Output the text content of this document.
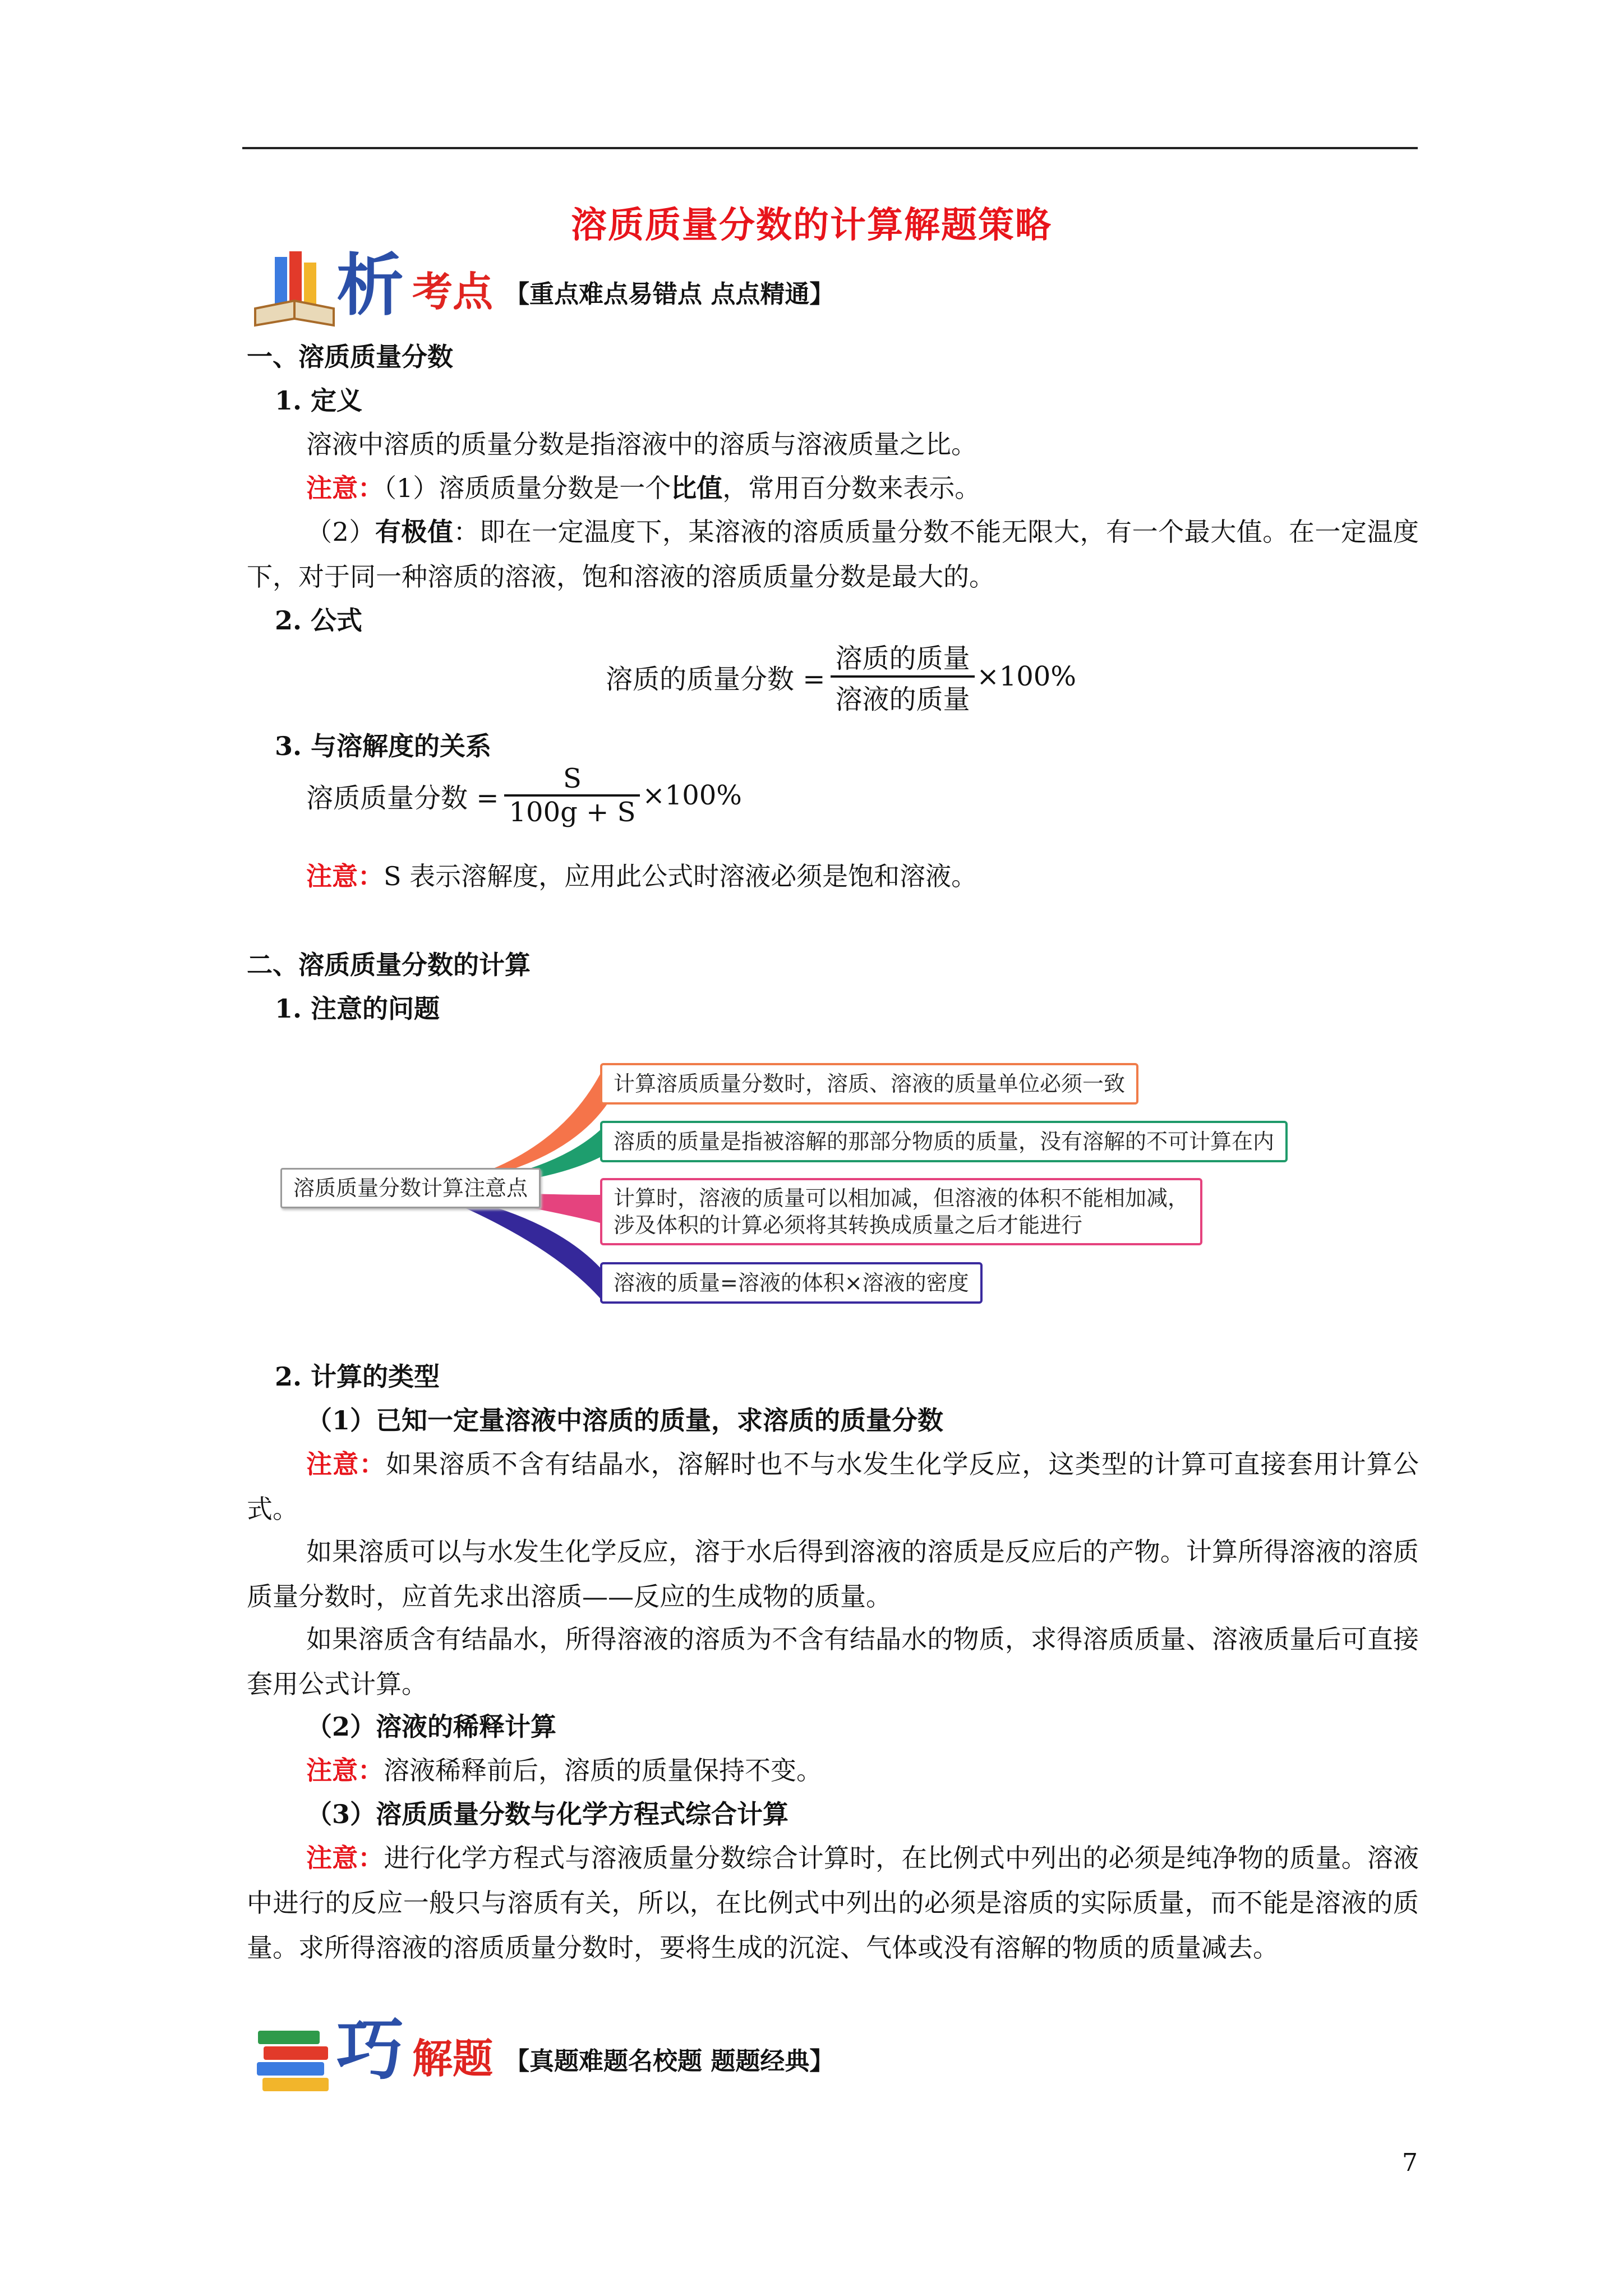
溶质质量分数的计算解题策略
析 考点 【重点难点易错点 点点精通】
一、溶质质量分数
1. 定义
溶液中溶质的质量分数是指溶液中的溶质与溶液质量之比。
注意：（1）溶质质量分数是一个比值，常用百分数来表示。
（2）有极值：即在一定温度下，某溶液的溶质质量分数不能无限大，有一个最大值。在一定温度下，对于同一种溶质的溶液，饱和溶液的溶质质量分数是最大的。
2. 公式
溶质的质量分数 = $\frac{\text{溶质的质量}}{\text{溶液的质量}} \times 100\%$
3. 与溶解度的关系
溶质质量分数 = $\frac{S}{100g + S} \times 100\%$
注意：S 表示溶解度，应用此公式时溶液必须是饱和溶液。
二、溶质质量分数的计算
1. 注意的问题
溶质质量分数计算注意点
计算溶质质量分数时，溶质、溶液的质量单位必须一致
溶质的质量是指被溶解的那部分物质的质量，没有溶解的不可计算在内
计算时，溶液的质量可以相加减，但溶液的体积不能相加减，
涉及体积的计算必须将其转换成质量之后才能进行
溶液的质量=溶液的体积×溶液的密度
2. 计算的类型
（1）已知一定量溶液中溶质的质量，求溶质的质量分数
注意：如果溶质不含有结晶水，溶解时也不与水发生化学反应，这类型的计算可直接套用计算公式。
如果溶质可以与水发生化学反应，溶于水后得到溶液的溶质是反应后的产物。计算所得溶液的溶质质量分数时，应首先求出溶质——反应的生成物的质量。
如果溶质含有结晶水，所得溶液的溶质为不含有结晶水的物质，求得溶质质量、溶液质量后可直接套用公式计算。
（2）溶液的稀释计算
注意：溶液稀释前后，溶质的质量保持不变。
（3）溶质质量分数与化学方程式综合计算
注意：进行化学方程式与溶液质量分数综合计算时，在比例式中列出的必须是纯净物的质量。溶液中进行的反应一般只与溶质有关，所以，在比例式中列出的必须是溶质的实际质量，而不能是溶液的质量。求所得溶液的溶质质量分数时，要将生成的沉淀、气体或没有溶解的物质的质量减去。
巧 解题 【真题难题名校题 题题经典】
7
